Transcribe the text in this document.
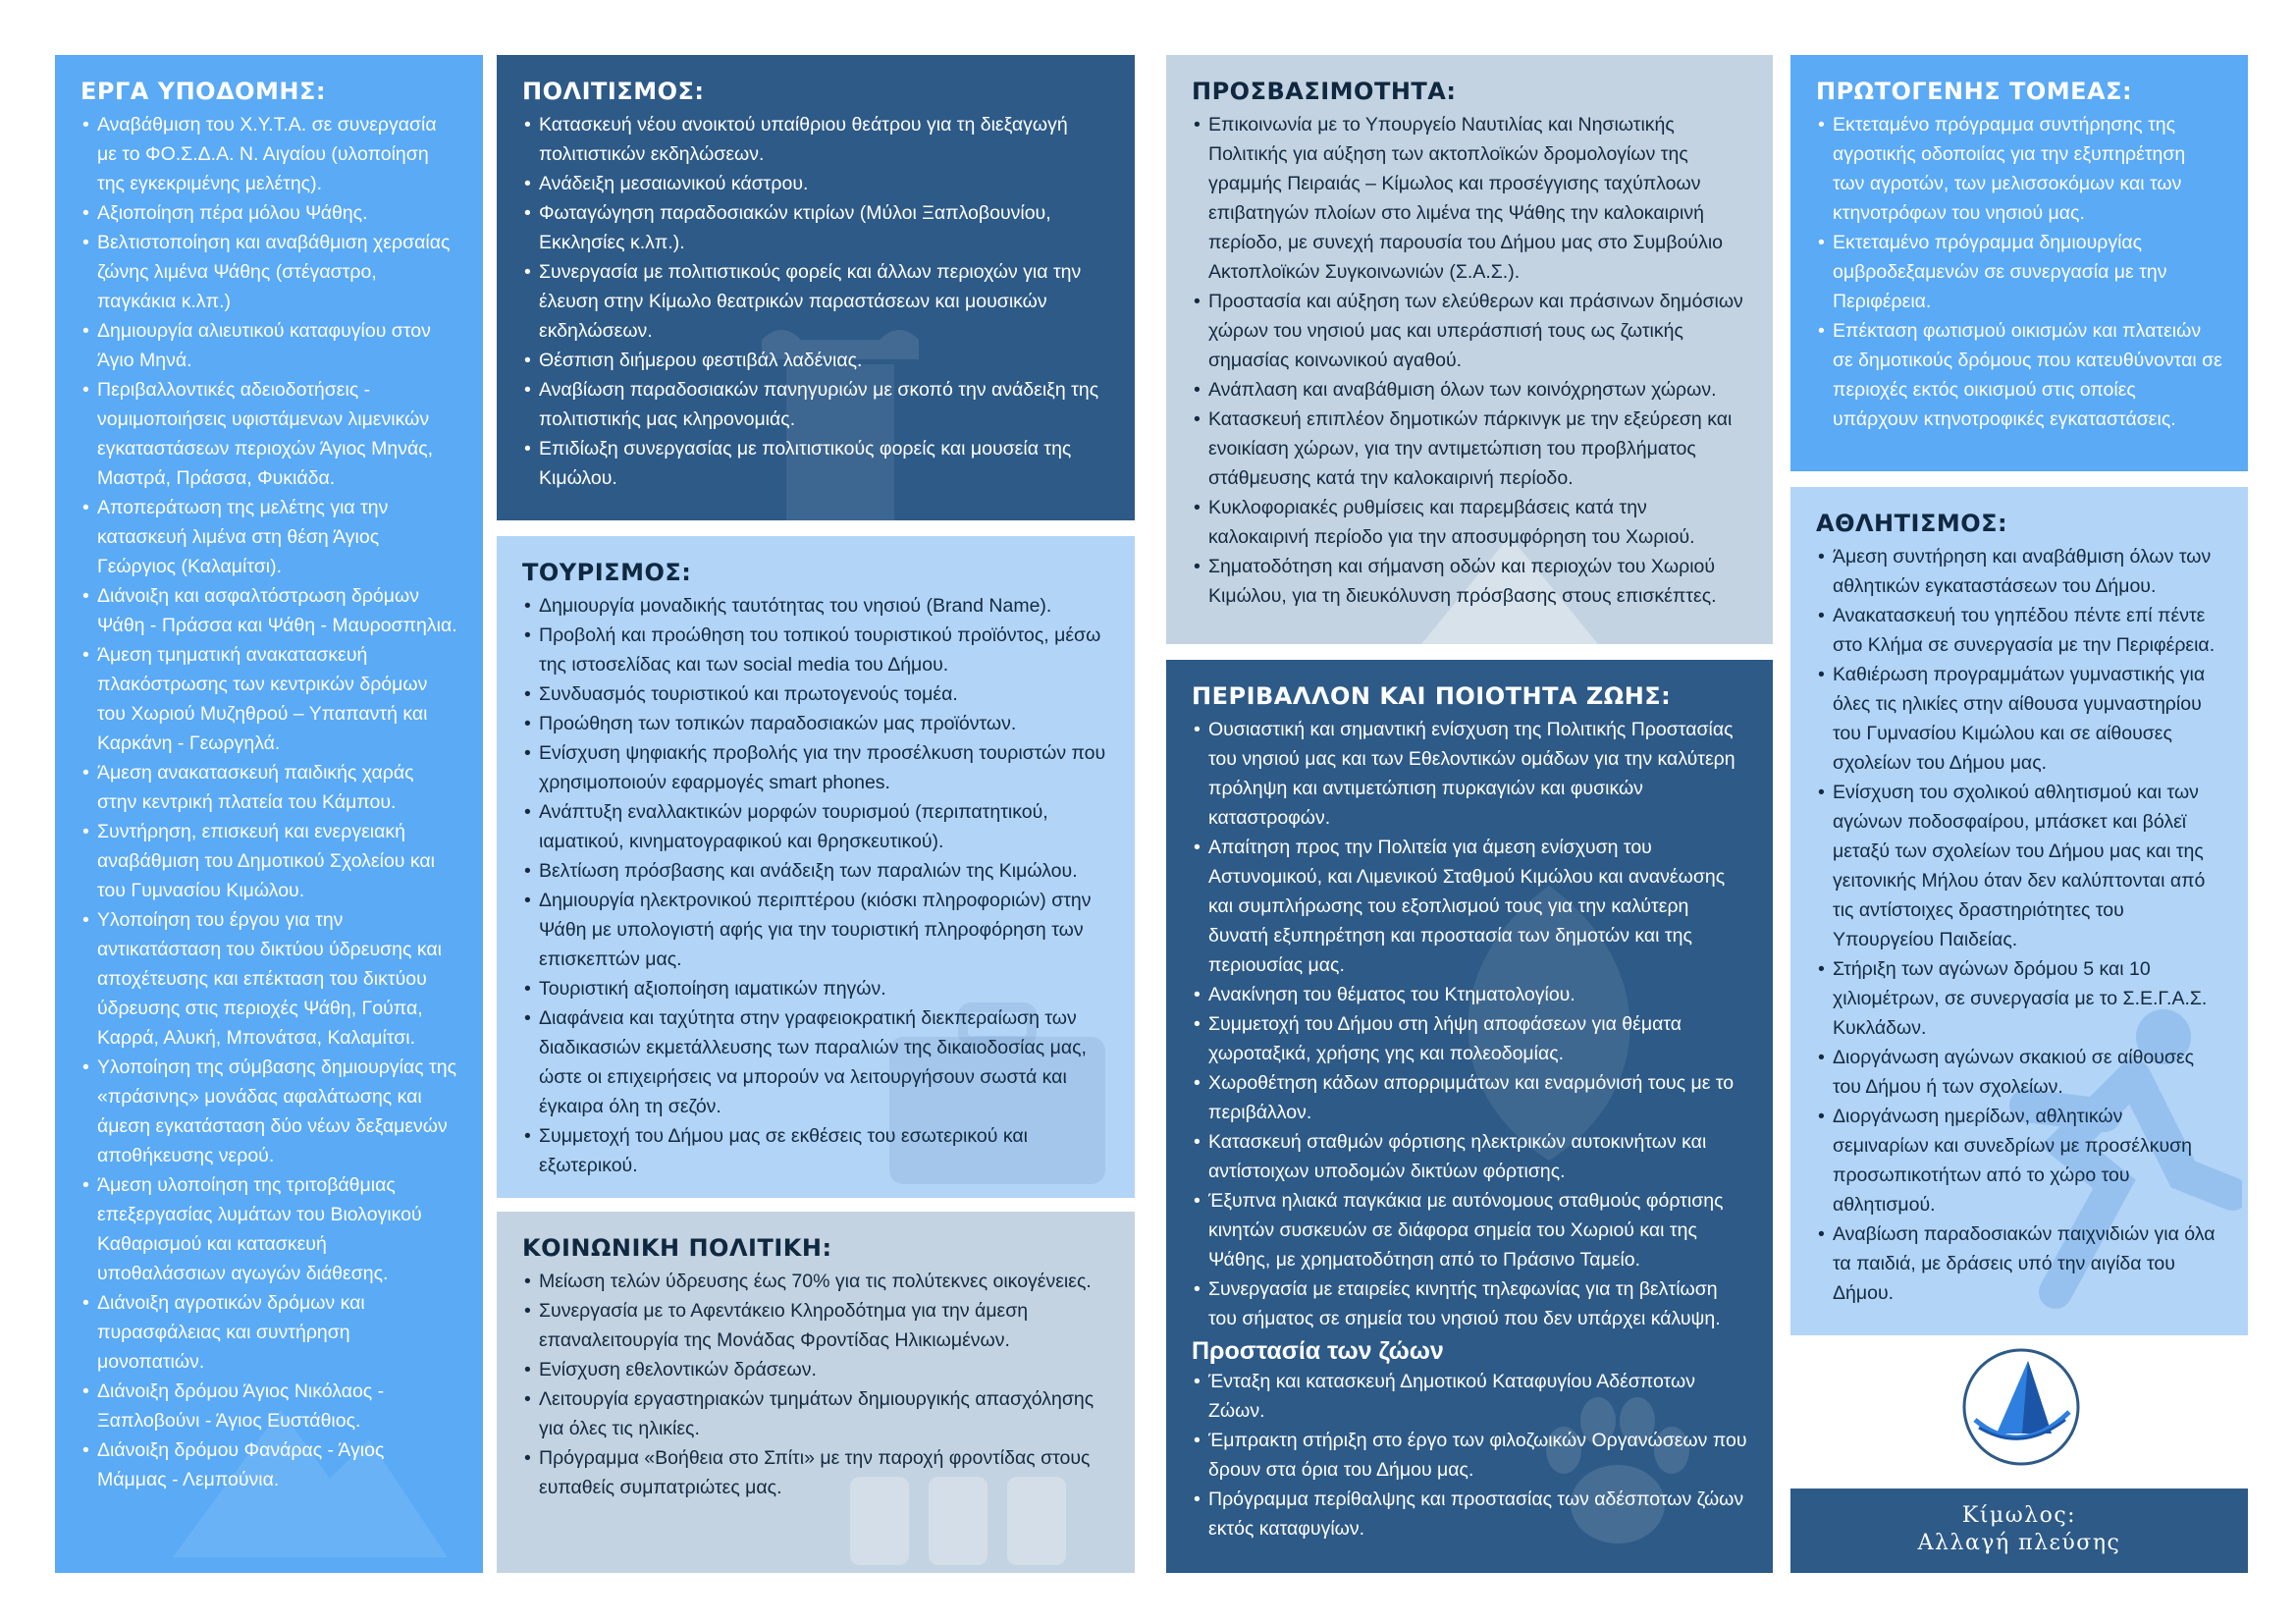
ΕΡΓΑ ΥΠΟΔΟΜΗΣ:
• Αναβάθμιση του Χ.Υ.Τ.Α. σε συνεργασία με το ΦΟ.Σ.Δ.Α. Ν. Αιγαίου (υλοποίηση της εγκεκριμένης μελέτης).
• Αξιοποίηση πέρα μόλου Ψάθης.
• Βελτιστοποίηση και αναβάθμιση χερσαίας ζώνης λιμένα Ψάθης (στέγαστρο, παγκάκια κ.λπ.)
• Δημιουργία αλιευτικού καταφυγίου στον Άγιο Μηνά.
• Περιβαλλοντικές αδειοδοτήσεις - νομιμοποιήσεις υφιστάμενων λιμενικών εγκαταστάσεων περιοχών Άγιος Μηνάς, Μαστρά, Πράσσα, Φυκιάδα.
• Αποπεράτωση της μελέτης για την κατασκευή λιμένα στη θέση Άγιος Γεώργιος (Καλαμίτσι).
• Διάνοιξη και ασφαλτόστρωση δρόμων Ψάθη - Πράσσα και Ψάθη - Μαυροσπηλια.
• Άμεση τμηματική ανακατασκευή πλακόστρωσης των κεντρικών δρόμων του Χωριού Μυζηθρού – Υπαπαντή και Καρκάνη - Γεωργηλά.
• Άμεση ανακατασκευή παιδικής χαράς στην κεντρική πλατεία του Κάμπου.
• Συντήρηση, επισκευή και ενεργειακή αναβάθμιση του Δημοτικού Σχολείου και του Γυμνασίου Κιμώλου.
• Υλοποίηση του έργου για την αντικατάσταση του δικτύου ύδρευσης και αποχέτευσης και επέκταση του δικτύου ύδρευσης στις περιοχές Ψάθη, Γούπα, Καρρά, Αλυκή, Μπονάτσα, Καλαμίτσι.
• Υλοποίηση της σύμβασης δημιουργίας της «πράσινης» μονάδας αφαλάτωσης και άμεση εγκατάσταση δύο νέων δεξαμενών αποθήκευσης νερού.
• Άμεση υλοποίηση της τριτοβάθμιας επεξεργασίας λυμάτων του Βιολογικού Καθαρισμού και κατασκευή υποθαλάσσιων αγωγών διάθεσης.
• Διάνοιξη αγροτικών δρόμων και πυρασφάλειας και συντήρηση μονοπατιών.
• Διάνοιξη δρόμου Άγιος Νικόλαος - Ξαπλοβούνι - Άγιος Ευστάθιος.
• Διάνοιξη δρόμου Φανάρας - Άγιος Μάμμας - Λεμπούνια.
ΠΟΛΙΤΙΣΜΟΣ:
• Κατασκευή νέου ανοικτού υπαίθριου θεάτρου για τη διεξαγωγή πολιτιστικών εκδηλώσεων.
• Ανάδειξη μεσαιωνικού κάστρου.
• Φωταγώγηση παραδοσιακών κτιρίων (Μύλοι Ξαπλοβουνίου, Εκκλησίες κ.λπ.).
• Συνεργασία με πολιτιστικούς φορείς και άλλων περιοχών για την έλευση στην Κίμωλο θεατρικών παραστάσεων και μουσικών εκδηλώσεων.
• Θέσπιση διήμερου φεστιβάλ λαδένιας.
• Αναβίωση παραδοσιακών πανηγυριών με σκοπό την ανάδειξη της πολιτιστικής μας κληρονομιάς.
• Επιδίωξη συνεργασίας με πολιτιστικούς φορείς και μουσεία της Κιμώλου.
ΤΟΥΡΙΣΜΟΣ:
• Δημιουργία μοναδικής ταυτότητας του νησιού (Brand Name).
• Προβολή και προώθηση του τοπικού τουριστικού προϊόντος, μέσω της ιστοσελίδας και των social media του Δήμου.
• Συνδυασμός τουριστικού και πρωτογενούς τομέα.
• Προώθηση των τοπικών παραδοσιακών μας προϊόντων.
• Ενίσχυση ψηφιακής προβολής για την προσέλκυση τουριστών που χρησιμοποιούν εφαρμογές smart phones.
• Ανάπτυξη εναλλακτικών μορφών τουρισμού (περιπατητικού, ιαματικού, κινηματογραφικού και θρησκευτικού).
• Βελτίωση πρόσβασης και ανάδειξη των παραλιών της Κιμώλου.
• Δημιουργία ηλεκτρονικού περιπτέρου (κιόσκι πληροφοριών) στην Ψάθη με υπολογιστή αφής για την τουριστική πληροφόρηση των επισκεπτών μας.
• Τουριστική αξιοποίηση ιαματικών πηγών.
• Διαφάνεια και ταχύτητα στην γραφειοκρατική διεκπεραίωση των διαδικασιών εκμετάλλευσης των παραλιών της δικαιοδοσίας μας, ώστε οι επιχειρήσεις να μπορούν να λειτουργήσουν σωστά και έγκαιρα όλη τη σεζόν.
• Συμμετοχή του Δήμου μας σε εκθέσεις του εσωτερικού και εξωτερικού.
ΚΟΙΝΩΝΙΚΗ ΠΟΛΙΤΙΚΗ:
• Μείωση τελών ύδρευσης έως 70% για τις πολύτεκνες οικογένειες.
• Συνεργασία με το Αφεντάκειο Κληροδότημα για την άμεση επαναλειτουργία της Μονάδας Φροντίδας Ηλικιωμένων.
• Ενίσχυση εθελοντικών δράσεων.
• Λειτουργία εργαστηριακών τμημάτων δημιουργικής απασχόλησης για όλες τις ηλικίες.
• Πρόγραμμα «Βοήθεια στο Σπίτι» με την παροχή φροντίδας στους ευπαθείς συμπατριώτες μας.
ΠΡΟΣΒΑΣΙΜΟΤΗΤΑ:
• Επικοινωνία με το Υπουργείο Ναυτιλίας και Νησιωτικής Πολιτικής για αύξηση των ακτοπλοϊκών δρομολογίων της γραμμής Πειραιάς – Κίμωλος και προσέγγισης ταχύπλοων επιβατηγών πλοίων στο λιμένα της Ψάθης την καλοκαιρινή περίοδο, με συνεχή παρουσία του Δήμου μας στο Συμβούλιο Ακτοπλοϊκών Συγκοινωνιών (Σ.Α.Σ.).
• Προστασία και αύξηση των ελεύθερων και πράσινων δημόσιων χώρων του νησιού μας και υπεράσπισή τους ως ζωτικής σημασίας κοινωνικού αγαθού.
• Ανάπλαση και αναβάθμιση όλων των κοινόχρηστων χώρων.
• Κατασκευή επιπλέον δημοτικών πάρκινγκ με την εξεύρεση και ενοικίαση χώρων, για την αντιμετώπιση του προβλήματος στάθμευσης κατά την καλοκαιρινή περίοδο.
• Κυκλοφοριακές ρυθμίσεις και παρεμβάσεις κατά την καλοκαιρινή περίοδο για την αποσυμφόρηση του Χωριού.
• Σηματοδότηση και σήμανση οδών και περιοχών του Χωριού Κιμώλου, για τη διευκόλυνση πρόσβασης στους επισκέπτες.
ΠΕΡΙΒΑΛΛΟΝ ΚΑΙ ΠΟΙΟΤΗΤΑ ΖΩΗΣ:
• Ουσιαστική και σημαντική ενίσχυση της Πολιτικής Προστασίας του νησιού μας και των Εθελοντικών ομάδων για την καλύτερη πρόληψη και αντιμετώπιση πυρκαγιών και φυσικών καταστροφών.
• Απαίτηση προς την Πολιτεία για άμεση ενίσχυση του Αστυνομικού, και Λιμενικού Σταθμού Κιμώλου και ανανέωσης και συμπλήρωσης του εξοπλισμού τους για την καλύτερη δυνατή εξυπηρέτηση και προστασία των δημοτών και της περιουσίας μας.
• Ανακίνηση του θέματος του Κτηματολογίου.
• Συμμετοχή του Δήμου στη λήψη αποφάσεων για θέματα χωροταξικά, χρήσης γης και πολεοδομίας.
• Χωροθέτηση κάδων απορριμμάτων και εναρμόνισή τους με το περιβάλλον.
• Κατασκευή σταθμών φόρτισης ηλεκτρικών αυτοκινήτων και αντίστοιχων υποδομών δικτύων φόρτισης.
• Έξυπνα ηλιακά παγκάκια με αυτόνομους σταθμούς φόρτισης κινητών συσκευών σε διάφορα σημεία του Χωριού και της Ψάθης, με χρηματοδότηση από το Πράσινο Ταμείο.
• Συνεργασία με εταιρείες κινητής τηλεφωνίας για τη βελτίωση του σήματος σε σημεία του νησιού που δεν υπάρχει κάλυψη.
Προστασία των ζώων
• Ένταξη και κατασκευή Δημοτικού Καταφυγίου Αδέσποτων Ζώων.
• Έμπρακτη στήριξη στο έργο των φιλοζωικών Οργανώσεων που δρουν στα όρια του Δήμου μας.
• Πρόγραμμα περίθαλψης και προστασίας των αδέσποτων ζώων εκτός καταφυγίων.
ΠΡΩΤΟΓΕΝΗΣ ΤΟΜΕΑΣ:
• Εκτεταμένο πρόγραμμα συντήρησης της αγροτικής οδοποιίας για την εξυπηρέτηση των αγροτών, των μελισσοκόμων και των κτηνοτρόφων του νησιού μας.
• Εκτεταμένο πρόγραμμα δημιουργίας ομβροδεξαμενών σε συνεργασία με την Περιφέρεια.
• Επέκταση φωτισμού οικισμών και πλατειών σε δημοτικούς δρόμους που κατευθύνονται σε περιοχές εκτός οικισμού στις οποίες υπάρχουν κτηνοτροφικές εγκαταστάσεις.
ΑΘΛΗΤΙΣΜΟΣ:
• Άμεση συντήρηση και αναβάθμιση όλων των αθλητικών εγκαταστάσεων του Δήμου.
• Ανακατασκευή του γηπέδου πέντε επί πέντε στο Κλήμα σε συνεργασία με την Περιφέρεια.
• Καθιέρωση προγραμμάτων γυμναστικής για όλες τις ηλικίες στην αίθουσα γυμναστηρίου του Γυμνασίου Κιμώλου και σε αίθουσες σχολείων του Δήμου μας.
• Ενίσχυση του σχολικού αθλητισμού και των αγώνων ποδοσφαίρου, μπάσκετ και βόλεϊ μεταξύ των σχολείων του Δήμου μας και της γειτονικής Μήλου όταν δεν καλύπτονται από τις αντίστοιχες δραστηριότητες του Υπουργείου Παιδείας.
• Στήριξη των αγώνων δρόμου 5 και 10 χιλιομέτρων, σε συνεργασία με το Σ.Ε.Γ.Α.Σ. Κυκλάδων.
• Διοργάνωση αγώνων σκακιού σε αίθουσες του Δήμου ή των σχολείων.
• Διοργάνωση ημερίδων, αθλητικών σεμιναρίων και συνεδρίων με προσέλκυση προσωπικοτήτων από το χώρο του αθλητισμού.
• Αναβίωση παραδοσιακών παιχνιδιών για όλα τα παιδιά, με δράσεις υπό την αιγίδα του Δήμου.
Κίμωλος:
Αλλαγή πλεύσης
